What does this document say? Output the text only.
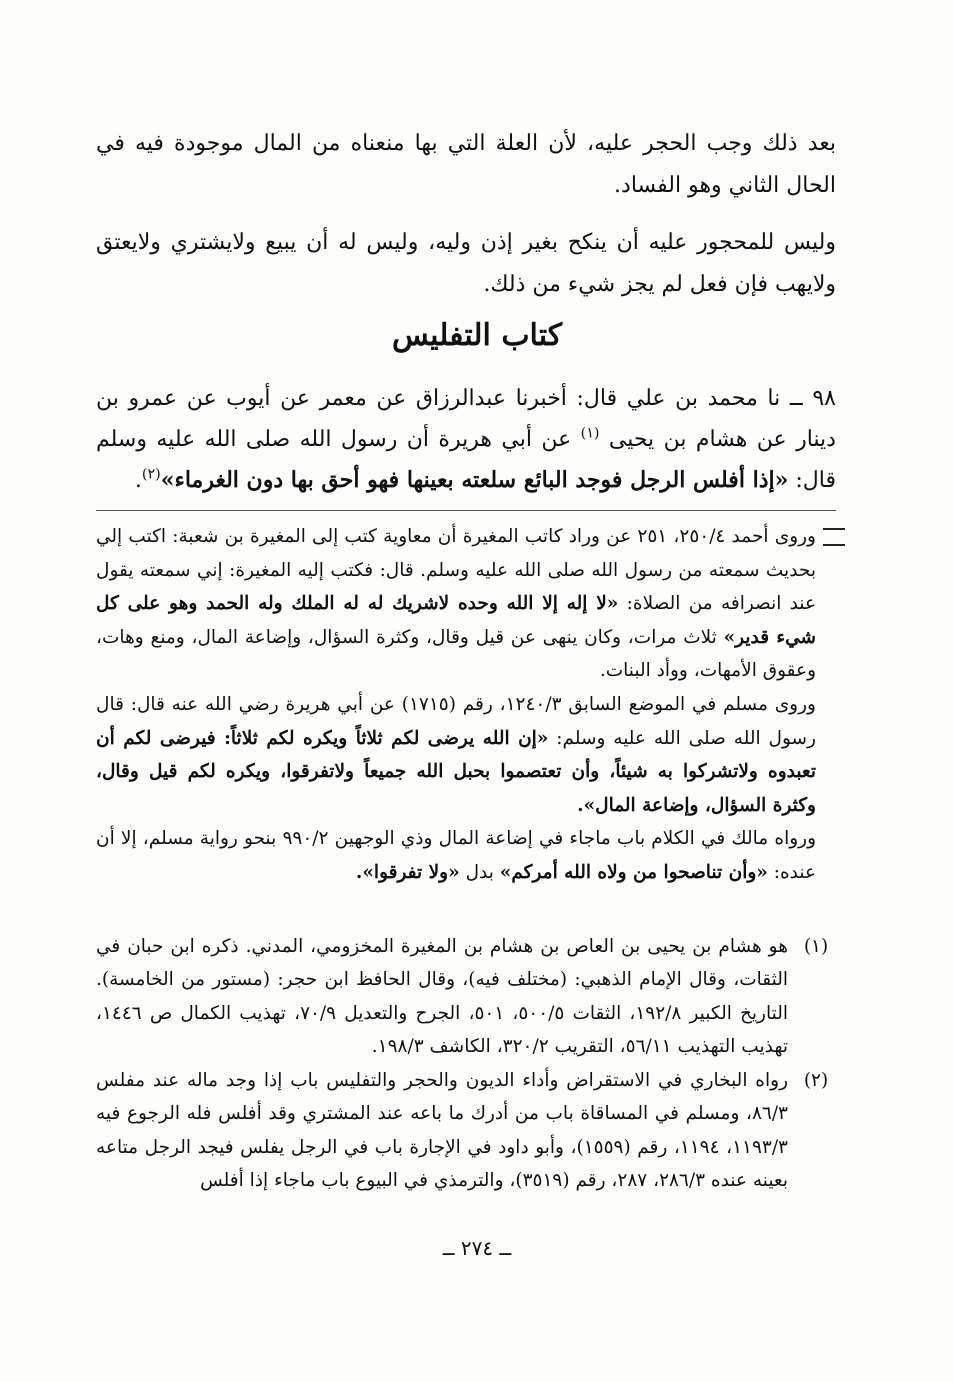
بعد ذلك وجب الحجر عليه، لأن العلة التي بها منعناه من المال موجودة فيه في الحال الثاني وهو الفساد.
وليس للمحجور عليه أن ينكح بغير إذن وليه، وليس له أن يبيع ولايشتري ولايعتق ولايهب فإن فعل لم يجز شيء من ذلك.
كتاب التفليس
٩٨ ــ نا محمد بن علي قال: أخبرنا عبدالرزاق عن معمر عن أيوب عن عمرو بن دينار عن هشام بن يحيى $^{(١)}$ عن أبي هريرة أن رسول الله صلى الله عليه وسلم قال: «إذا أفلس الرجل فوجد البائع سلعته بعينها فهو أحق بها دون الغرماء»$^{(٢)}$.

وروى أحمد ٢٥٠/٤، ٢٥١ عن وراد كاتب المغيرة أن معاوية كتب إلى المغيرة بن شعبة: اكتب إلي بحديث سمعته من رسول الله صلى الله عليه وسلم. قال: فكتب إليه المغيرة: إني سمعته يقول عند انصرافه من الصلاة: «لا إله إلا الله وحده لاشريك له له الملك وله الحمد وهو على كل شيء قدير» ثلاث مرات، وكان ينهى عن قيل وقال، وكثرة السؤال، وإضاعة المال، ومنع وهات، وعقوق الأمهات، ووأد البنات.

وروى مسلم في الموضع السابق ١٢٤٠/٣، رقم (١٧١٥) عن أبي هريرة رضي الله عنه قال: قال رسول الله صلى الله عليه وسلم: «إن الله يرضى لكم ثلاثاً ويكره لكم ثلاثاً: فيرضى لكم أن تعبدوه ولاتشركوا به شيئاً، وأن تعتصموا بحبل الله جميعاً ولاتفرقوا، ويكره لكم قيل وقال، وكثرة السؤال، وإضاعة المال».

ورواه مالك في الكلام باب ماجاء في إضاعة المال وذي الوجهين ٩٩٠/٢ بنحو رواية مسلم، إلا أن عنده: «وأن تناصحوا من ولاه الله أمركم» بدل «ولا تفرقوا».

(١)
هو هشام بن يحيى بن العاص بن هشام بن المغيرة المخزومي، المدني. ذكره ابن حبان في الثقات، وقال الإمام الذهبي: (مختلف فيه)، وقال الحافظ ابن حجر: (مستور من الخامسة). التاريخ الكبير ١٩٢/٨، الثقات ٥٠٠/٥، ٥٠١، الجرح والتعديل ٧٠/٩، تهذيب الكمال ص ١٤٤٦، تهذيب التهذيب ٥٦/١١، التقريب ٣٢٠/٢، الكاشف ١٩٨/٣.
(٢)
رواه البخاري في الاستقراض وأداء الديون والحجر والتفليس باب إذا وجد ماله عند مفلس ٨٦/٣، ومسلم في المساقاة باب من أدرك ما باعه عند المشتري وقد أفلس فله الرجوع فيه ١١٩٣/٣، ١١٩٤، رقم (١٥٥٩)، وأبو داود في الإجارة باب في الرجل يفلس فيجد الرجل متاعه بعينه عنده ٢٨٦/٣، ٢٨٧، رقم (٣٥١٩)، والترمذي في البيوع باب ماجاء إذا أفلس
ــ ٢٧٤ ــ
